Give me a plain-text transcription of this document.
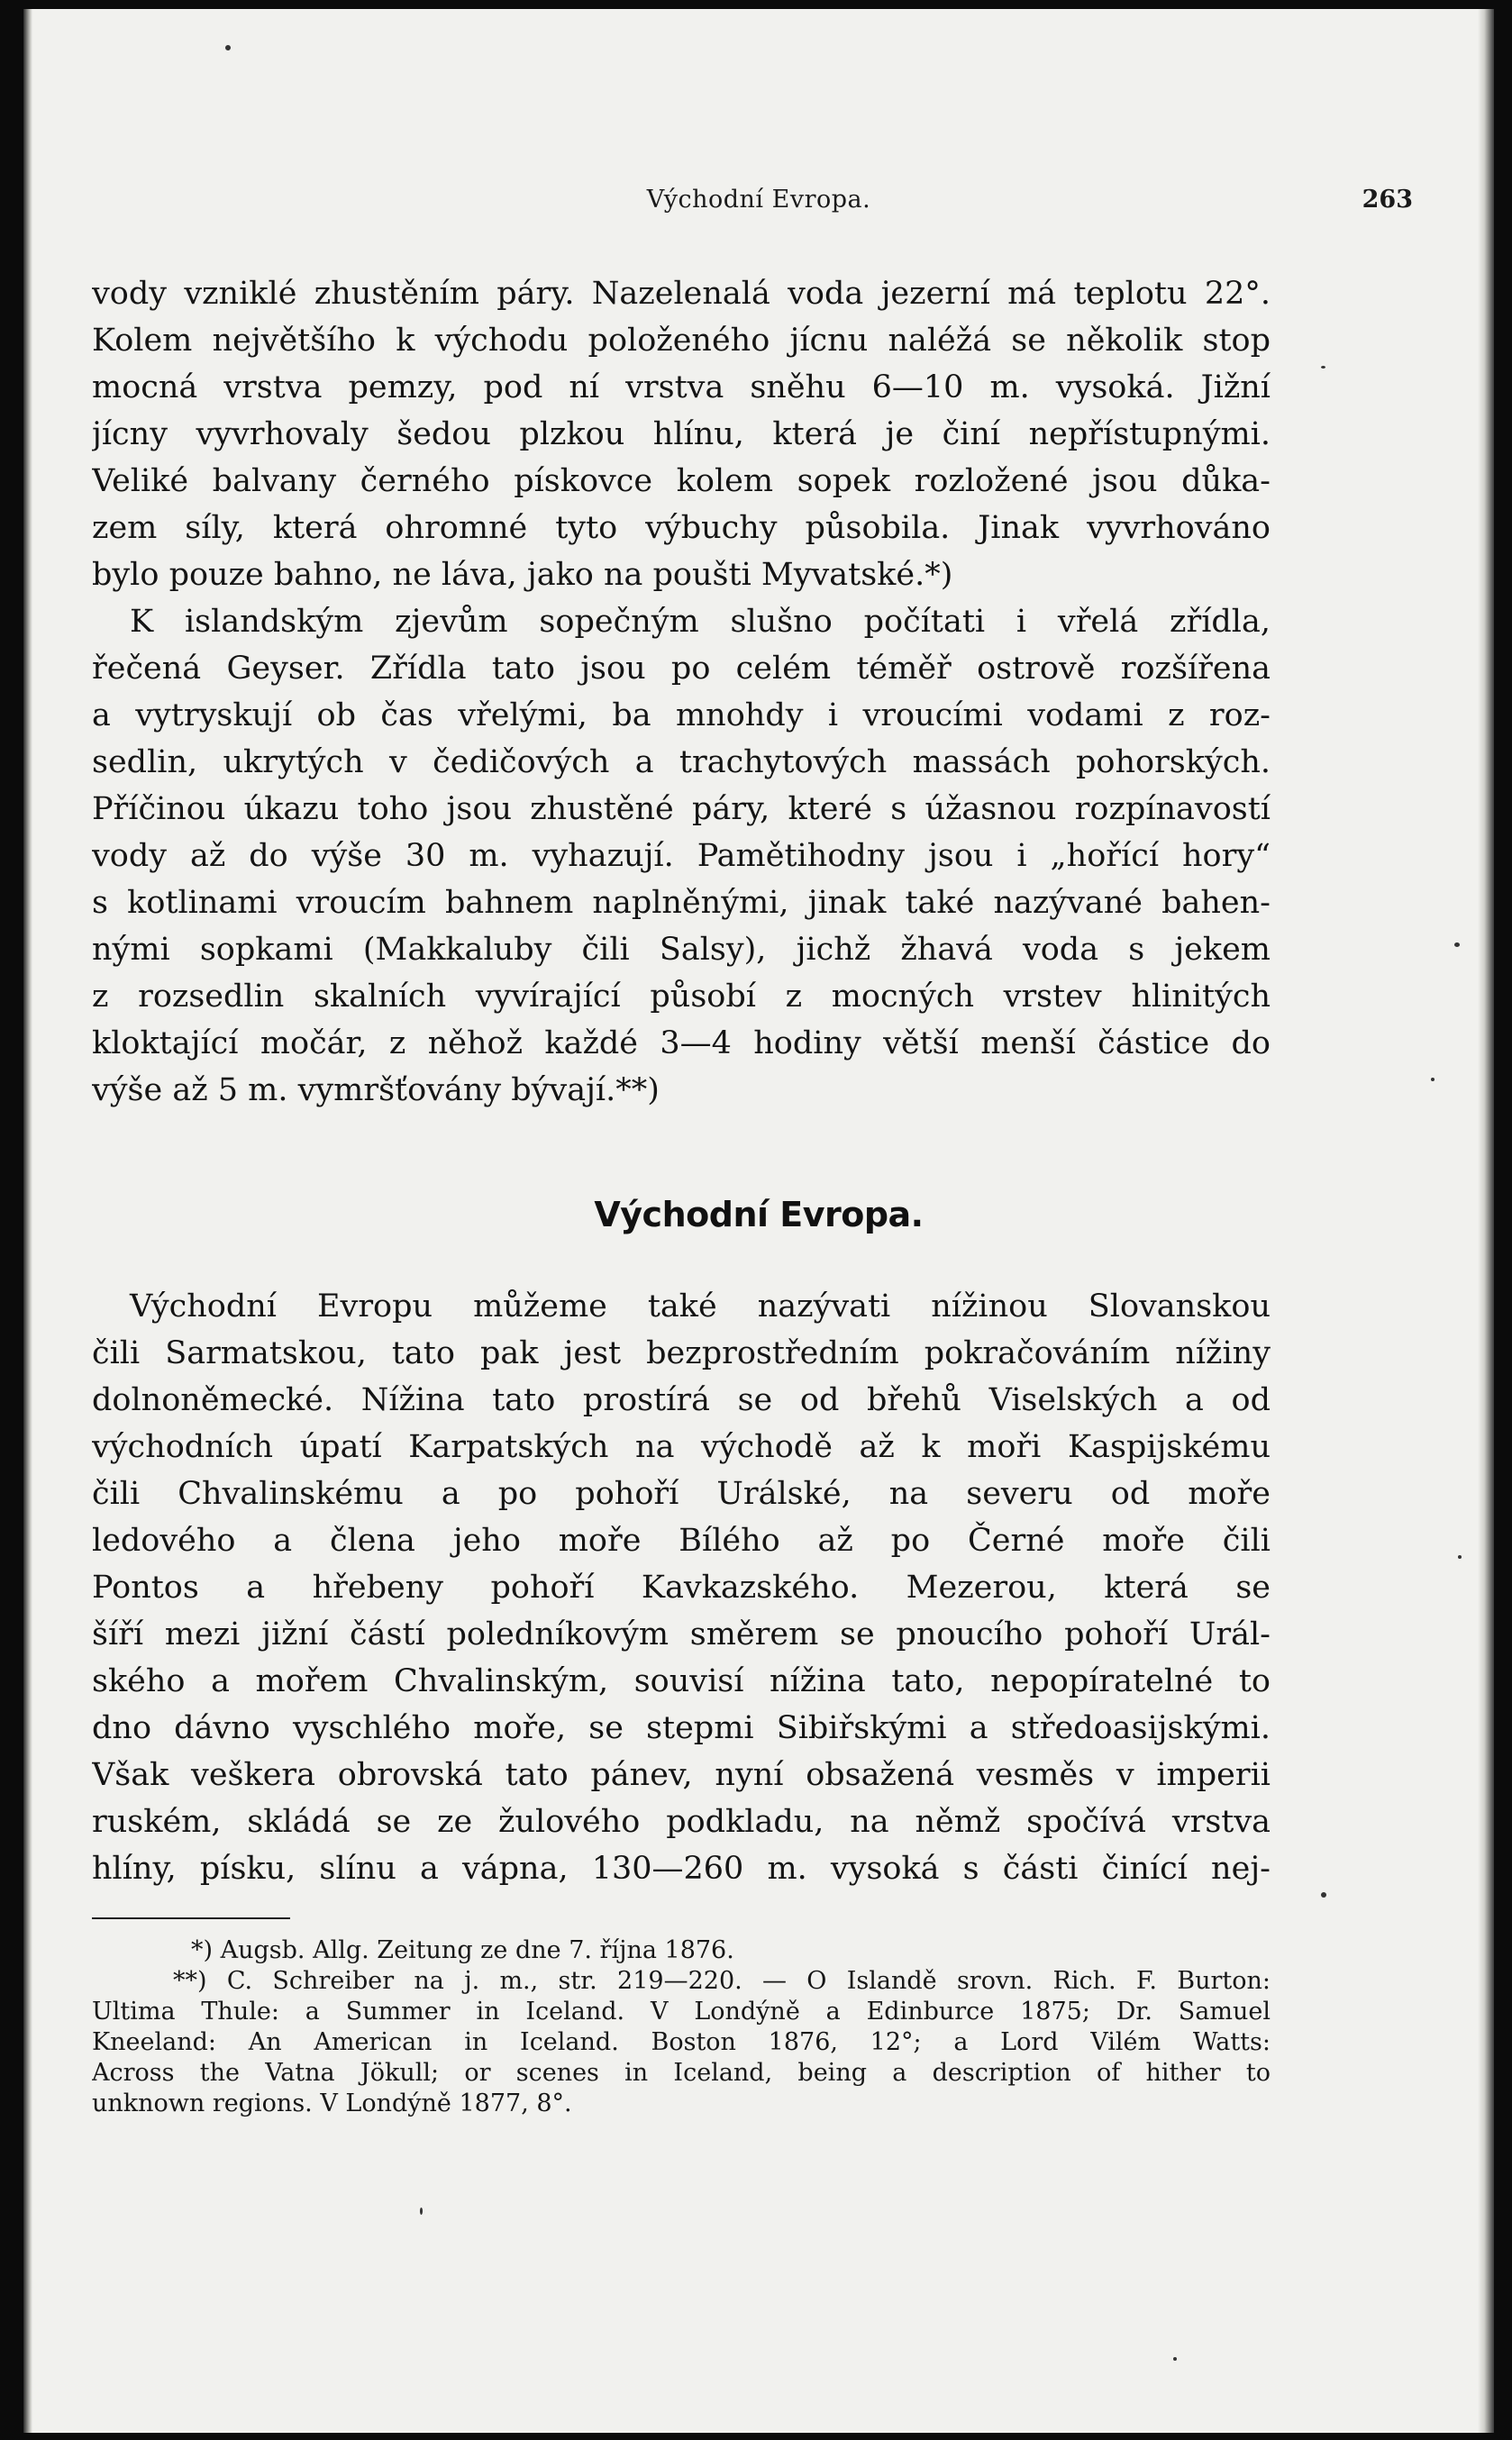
Východní Evropa.	263
vody vzniklé zhustěním páry. Nazelenalá voda jezerní má teplotu 22°.
Kolem největšího k východu položeného jícnu naléžá se několik stop
mocná vrstva pemzy, pod ní vrstva sněhu 6—10 m. vysoká. Jižní
jícny vyvrhovaly šedou plzkou hlínu, která je činí nepřístupnými.
Veliké balvany černého pískovce kolem sopek rozložené jsou důka-
zem síly, která ohromné tyto výbuchy působila. Jinak vyvrhováno
bylo pouze bahno, ne láva, jako na poušti Myvatské.*)
K islandským zjevům sopečným slušno počítati i vřelá zřídla,
řečená Geyser. Zřídla tato jsou po celém téměř ostrově rozšířena
a vytryskují ob čas vřelými, ba mnohdy i vroucími vodami z roz-
sedlin, ukrytých v čedičových a trachytových massách pohorských.
Příčinou úkazu toho jsou zhustěné páry, které s úžasnou rozpínavostí
vody až do výše 30 m. vyhazují. Pamětihodny jsou i „hořící hory“
s kotlinami vroucím bahnem naplněnými, jinak také nazývané bahen-
nými sopkami (Makkaluby čili Salsy), jichž žhavá voda s jekem
z rozsedlin skalních vyvírající působí z mocných vrstev hlinitých
kloktající močár, z něhož každé 3—4 hodiny větší menší částice do
výše až 5 m. vymršťovány bývají.**)
Východní Evropa.
Východní Evropu můžeme také nazývati nížinou Slovanskou
čili Sarmatskou, tato pak jest bezprostředním pokračováním nížiny
dolnoněmecké. Nížina tato prostírá se od břehů Viselských a od
východních úpatí Karpatských na východě až k moři Kaspijskému
čili Chvalinskému a po pohoří Urálské, na severu od moře
ledového a člena jeho moře Bílého až po Černé moře čili
Pontos a hřebeny pohoří Kavkazského. Mezerou, která se
šíří mezi jižní částí poledníkovým směrem se pnoucího pohoří Urál-
ského a mořem Chvalinským, souvisí nížina tato, nepopíratelné to
dno dávno vyschlého moře, se stepmi Sibiřskými a středoasijskými.
Však veškera obrovská tato pánev, nyní obsažená vesměs v imperii
ruském, skládá se ze žulového podkladu, na němž spočívá vrstva
hlíny, písku, slínu a vápna, 130—260 m. vysoká s části činící nej-
*) Augsb. Allg. Zeitung ze dne 7. října 1876.
**) C. Schreiber na j. m., str. 219—220. — O Islandě srovn. Rich. F. Burton:
Ultima Thule: a Summer in Iceland. V Londýně a Edinburce 1875; Dr. Samuel
Kneeland: An American in Iceland. Boston 1876, 12°; a Lord Vilém Watts:
Across the Vatna Jökull; or scenes in Iceland, being a description of hither to
unknown regions. V Londýně 1877, 8°.
